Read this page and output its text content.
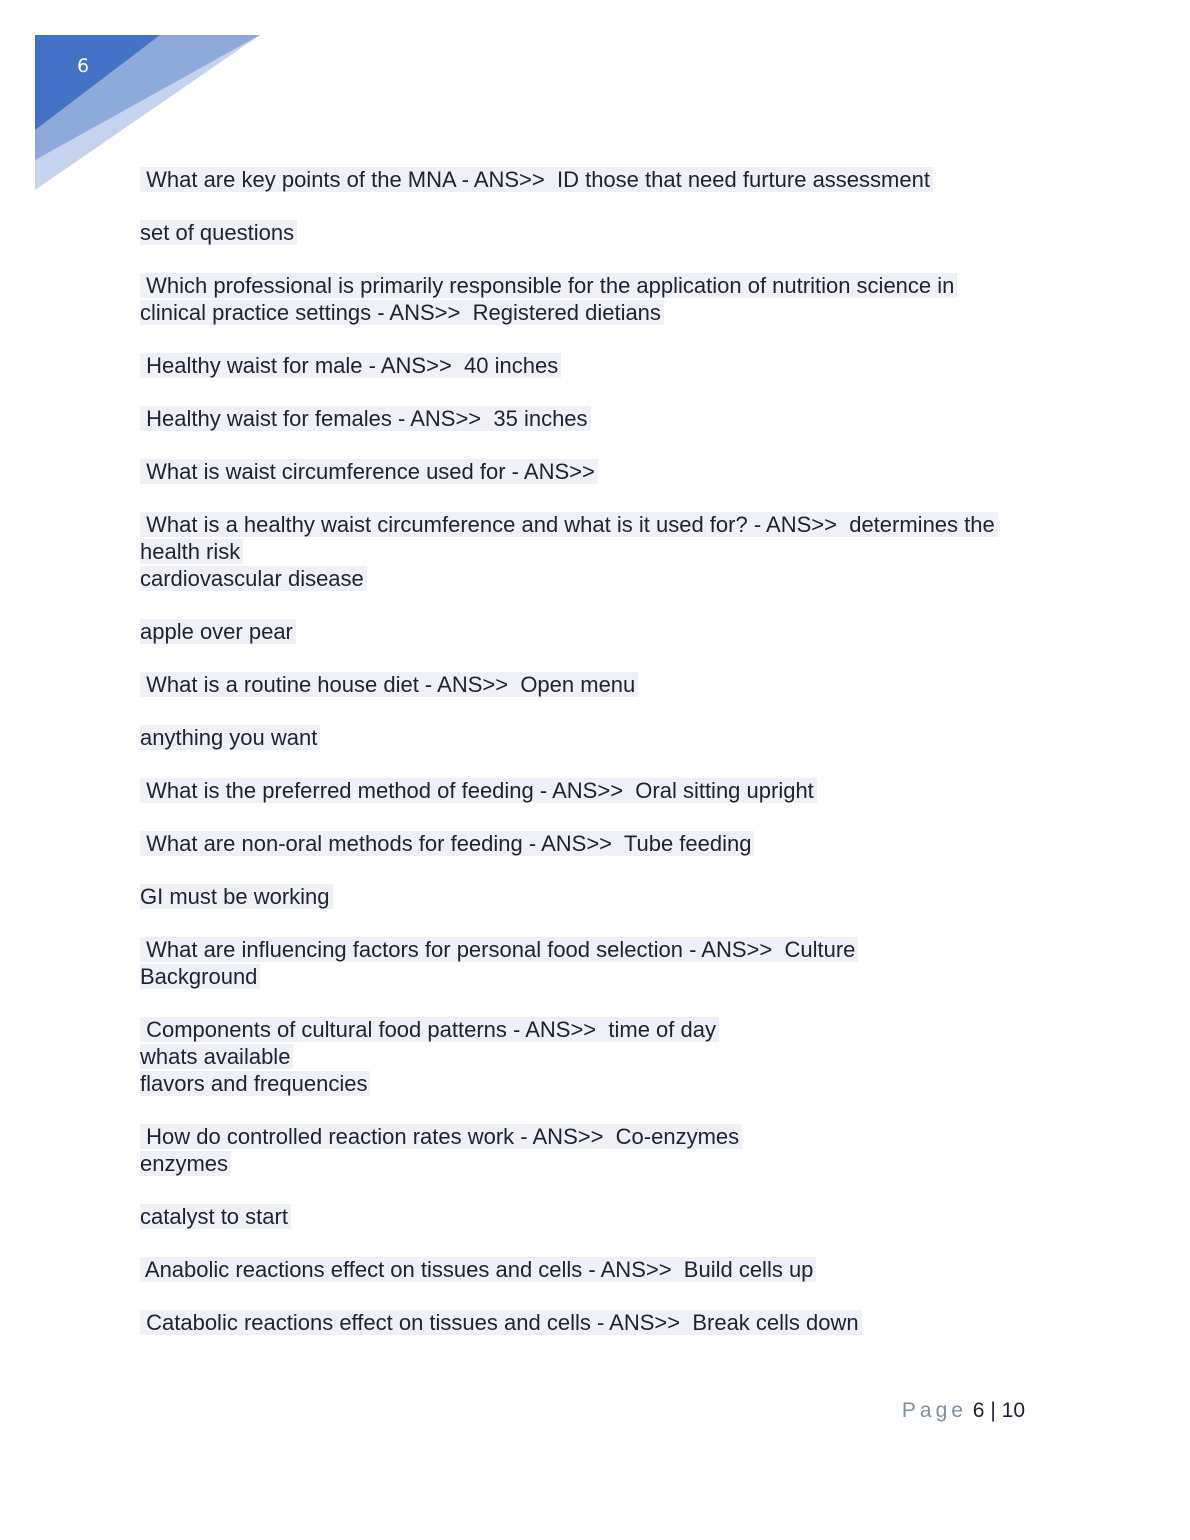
6

What are key points of the MNA - ANS>>  ID those that need furture assessment

set of questions

Which professional is primarily responsible for the application of nutrition science in
clinical practice settings - ANS>>  Registered dietians

Healthy waist for male - ANS>>  40 inches

Healthy waist for females - ANS>>  35 inches

What is waist circumference used for - ANS>>

What is a healthy waist circumference and what is it used for? - ANS>>  determines the
health risk
cardiovascular disease

apple over pear

What is a routine house diet - ANS>>  Open menu

anything you want

What is the preferred method of feeding - ANS>>  Oral sitting upright

What are non-oral methods for feeding - ANS>>  Tube feeding

GI must be working

What are influencing factors for personal food selection - ANS>>  Culture
Background

Components of cultural food patterns - ANS>>  time of day
whats available
flavors and frequencies

How do controlled reaction rates work - ANS>>  Co-enzymes
enzymes

catalyst to start

Anabolic reactions effect on tissues and cells - ANS>>  Build cells up

Catabolic reactions effect on tissues and cells - ANS>>  Break cells down

Page 6 | 10
